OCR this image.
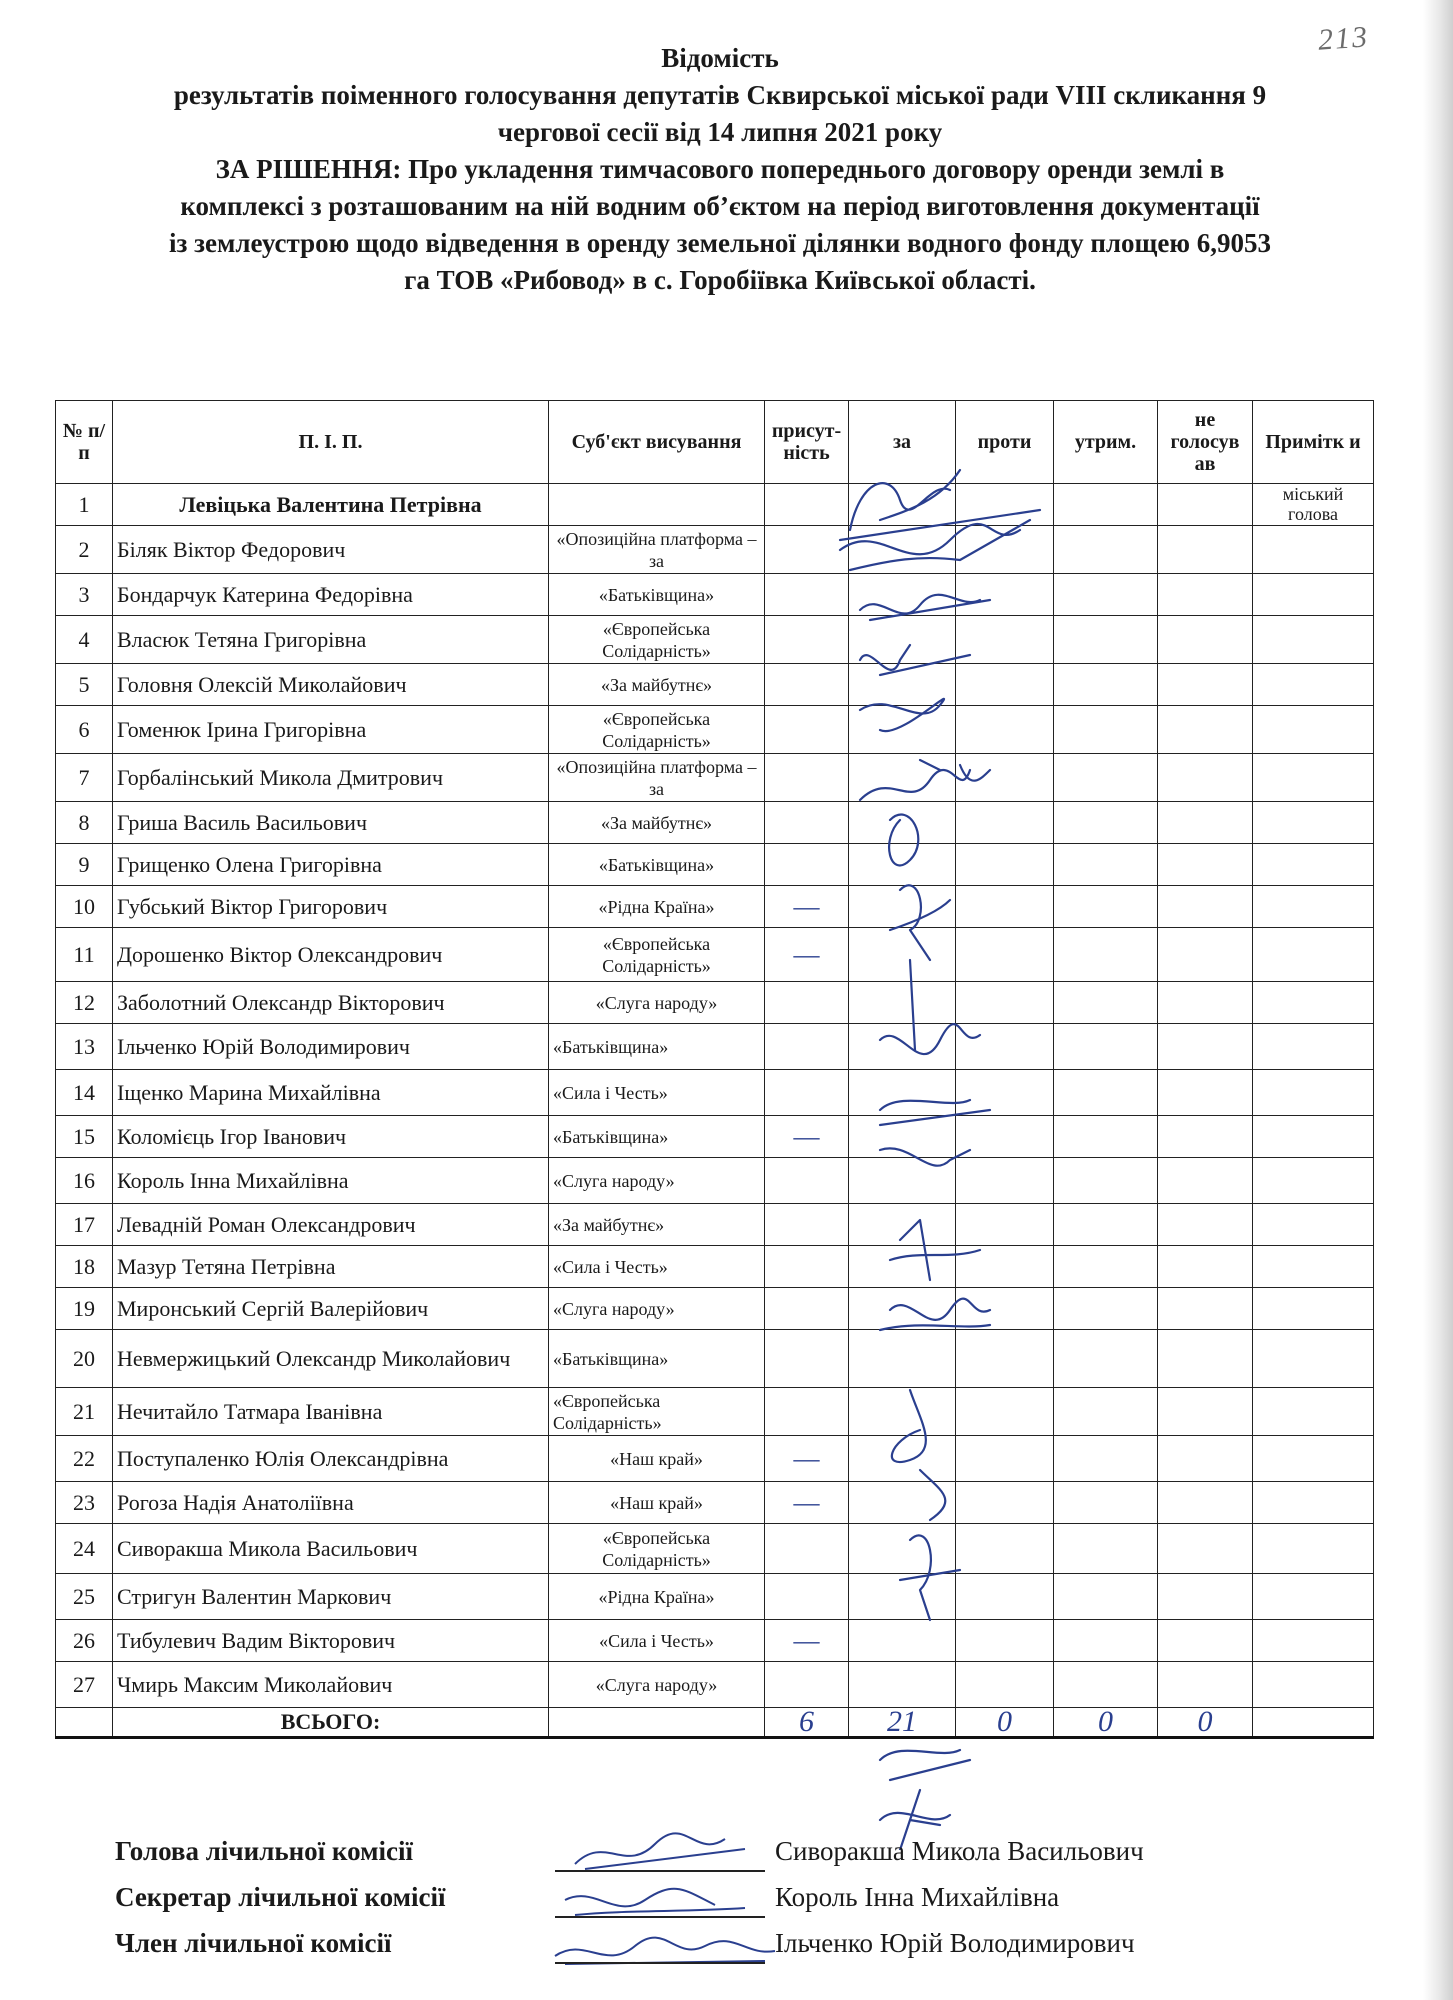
213
Відомість
результатів поіменного голосування депутатів Сквирської міської ради VIII скликання 9
чергової сесії від 14 липня 2021 року
ЗА РІШЕННЯ: Про укладення тимчасового попереднього договору оренди землі в
комплексі з розташованим на ній водним об’єктом на період виготовлення документації
із землеустрою щодо відведення в оренду земельної ділянки водного фонду площею 6,9053
га ТОВ «Рибовод» в с. Горобіївка Київської області.
№ п/п	П. І. П.	Суб'єкт висування	присут-ність	за	проти	утрим.	не голосув ав	Примітк и
1	Левіцька Валентина Петрівна							міський голова
2	Біляк Віктор Федорович	«Опозиційна платформа – за						
3	Бондарчук Катерина Федорівна	«Батьківщина»						
4	Власюк Тетяна Григорівна	«Європейська Солідарність»						
5	Головня Олексій Миколайович	«За майбутнє»						
6	Гоменюк Ірина Григорівна	«Європейська Солідарність»						
7	Горбалінський Микола Дмитрович	«Опозиційна платформа – за						
8	Гриша Василь Васильович	«За майбутнє»						
9	Грищенко Олена Григорівна	«Батьківщина»						
10	Губський Віктор Григорович	«Рідна Країна»	—					
11	Дорошенко Віктор Олександрович	«Європейська Солідарність»	—					
12	Заболотний Олександр Вікторович	«Слуга народу»						
13	Ільченко Юрій Володимирович	«Батьківщина»						
14	Іщенко Марина Михайлівна	«Сила і Честь»						
15	Коломієць Ігор Іванович	«Батьківщина»	—					
16	Король Інна Михайлівна	«Слуга народу»						
17	Левадній Роман Олександрович	«За майбутнє»						
18	Мазур Тетяна Петрівна	«Сила і Честь»						
19	Миронський Сергій Валерійович	«Слуга народу»						
20	Невмержицький Олександр Миколайович	«Батьківщина»						
21	Нечитайло Татмара Іванівна	«Європейська Солідарність»						
22	Поступаленко Юлія Олександрівна	«Наш край»	—					
23	Рогоза Надія Анатоліївна	«Наш край»	—					
24	Сиворакша Микола Васильович	«Європейська Солідарність»						
25	Стригун Валентин Маркович	«Рідна Країна»						
26	Тибулевич Вадим Вікторович	«Сила і Честь»	—					
27	Чмирь Максим Миколайович	«Слуга народу»						
	ВСЬОГО:		6	21	0	0	0	
Голова лічильної комісії	Сиворакша Микола Васильович
Секретар лічильної комісії	Король Інна Михайлівна
Член лічильної комісії	Ільченко Юрій Володимирович
